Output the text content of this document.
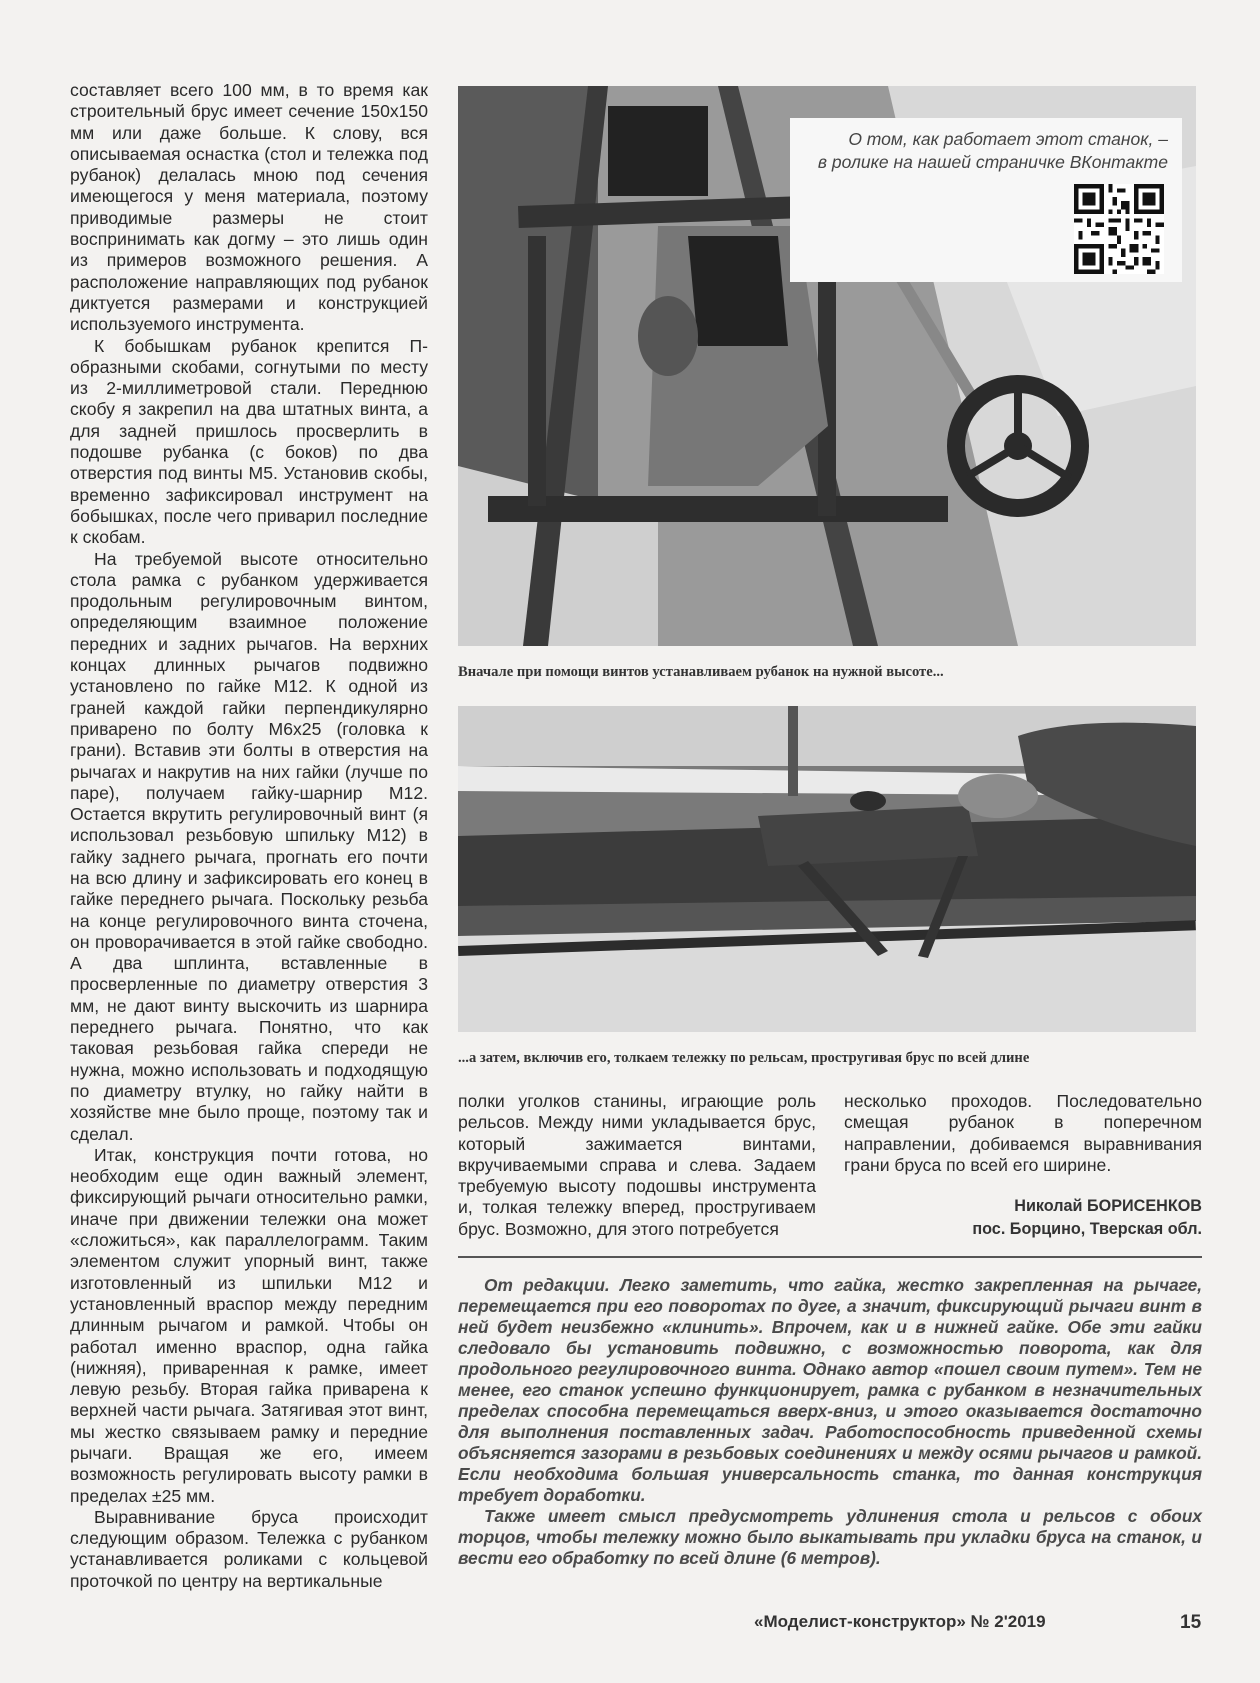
составляет всего 100 мм, в то время как строительный брус имеет сечение 150х150 мм или даже больше. К слову, вся описываемая оснастка (стол и тележка под рубанок) делалась мною под сечения имеющегося у меня материала, поэтому приводимые размеры не стоит воспринимать как догму – это лишь один из примеров возможного решения. А расположение направляющих под рубанок диктуется размерами и конструкцией используемого инструмента.

К бобышкам рубанок крепится П-образными скобами, согнутыми по месту из 2-миллиметровой стали. Переднюю скобу я закрепил на два штатных винта, а для задней пришлось просверлить в подошве рубанка (с боков) по два отверстия под винты М5. Установив скобы, временно зафиксировал инструмент на бобышках, после чего приварил последние к скобам.

На требуемой высоте относительно стола рамка с рубанком удерживается продольным регулировочным винтом, определяющим взаимное положение передних и задних рычагов. На верхних концах длинных рычагов подвижно установлено по гайке М12. К одной из граней каждой гайки перпендикулярно приварено по болту М6х25 (головка к грани). Вставив эти болты в отверстия на рычагах и накрутив на них гайки (лучше по паре), получаем гайку-шарнир М12. Остается вкрутить регулировочный винт (я использовал резьбовую шпильку М12) в гайку заднего рычага, прогнать его почти на всю длину и зафиксировать его конец в гайке переднего рычага. Поскольку резьба на конце регулировочного винта сточена, он проворачивается в этой гайке свободно. А два шплинта, вставленные в просверленные по диаметру отверстия 3 мм, не дают винту выскочить из шарнира переднего рычага. Понятно, что как таковая резьбовая гайка спереди не нужна, можно использовать и подходящую по диаметру втулку, но гайку найти в хозяйстве мне было проще, поэтому так и сделал.

Итак, конструкция почти готова, но необходим еще один важный элемент, фиксирующий рычаги относительно рамки, иначе при движении тележки она может «сложиться», как параллелограмм. Таким элементом служит упорный винт, также изготовленный из шпильки М12 и установленный враспор между передним длинным рычагом и рамкой. Чтобы он работал именно враспор, одна гайка (нижняя), приваренная к рамке, имеет левую резьбу. Вторая гайка приварена к верхней части рычага. Затягивая этот винт, мы жестко связываем рамку и передние рычаги. Вращая же его, имеем возможность регулировать высоту рамки в пределах ±25 мм.

Выравнивание бруса происходит следующим образом. Тележка с рубанком устанавливается роликами с кольцевой проточкой по центру на вертикальные

О том, как работает этот станок, –
в ролике на нашей страничке ВКонтакте
Вначале при помощи винтов устанавливаем рубанок на нужной высоте...
...а затем, включив его, толкаем тележку по рельсам, простругивая брус по всей длине
полки уголков станины, играющие роль рельсов. Между ними укладывается брус, который зажимается винтами, вкручиваемыми справа и слева. Задаем требуемую высоту подошвы инструмента и, толкая тележку вперед, простругиваем брус. Возможно, для этого потребуется
несколько проходов. Последовательно смещая рубанок в поперечном направлении, добиваемся выравнивания грани бруса по всей его ширине.
Николай БОРИСЕНКОВ
пос. Борцино, Тверская обл.

От редакции. Легко заметить, что гайка, жестко закрепленная на рычаге, перемещается при его поворотах по дуге, а значит, фиксирующий рычаги винт в ней будет неизбежно «клинить». Впрочем, как и в нижней гайке. Обе эти гайки следовало бы установить подвижно, с возможностью поворота, как для продольного регулировочного винта. Однако автор «пошел своим путем». Тем не менее, его станок успешно функционирует, рамка с рубанком в незначительных пределах способна перемещаться вверх-вниз, и этого оказывается достаточно для выполнения поставленных задач. Работоспособность приведенной схемы объясняется зазорами в резьбовых соединениях и между осями рычагов и рамкой. Если необходима большая универсальность станка, то данная конструкция требует доработки.

Также имеет смысл предусмотреть удлинения стола и рельсов с обоих торцов, чтобы тележку можно было выкатывать при укладки бруса на станок, и вести его обработку по всей длине (6 метров).

«Моделист-конструктор» № 2'2019	15
